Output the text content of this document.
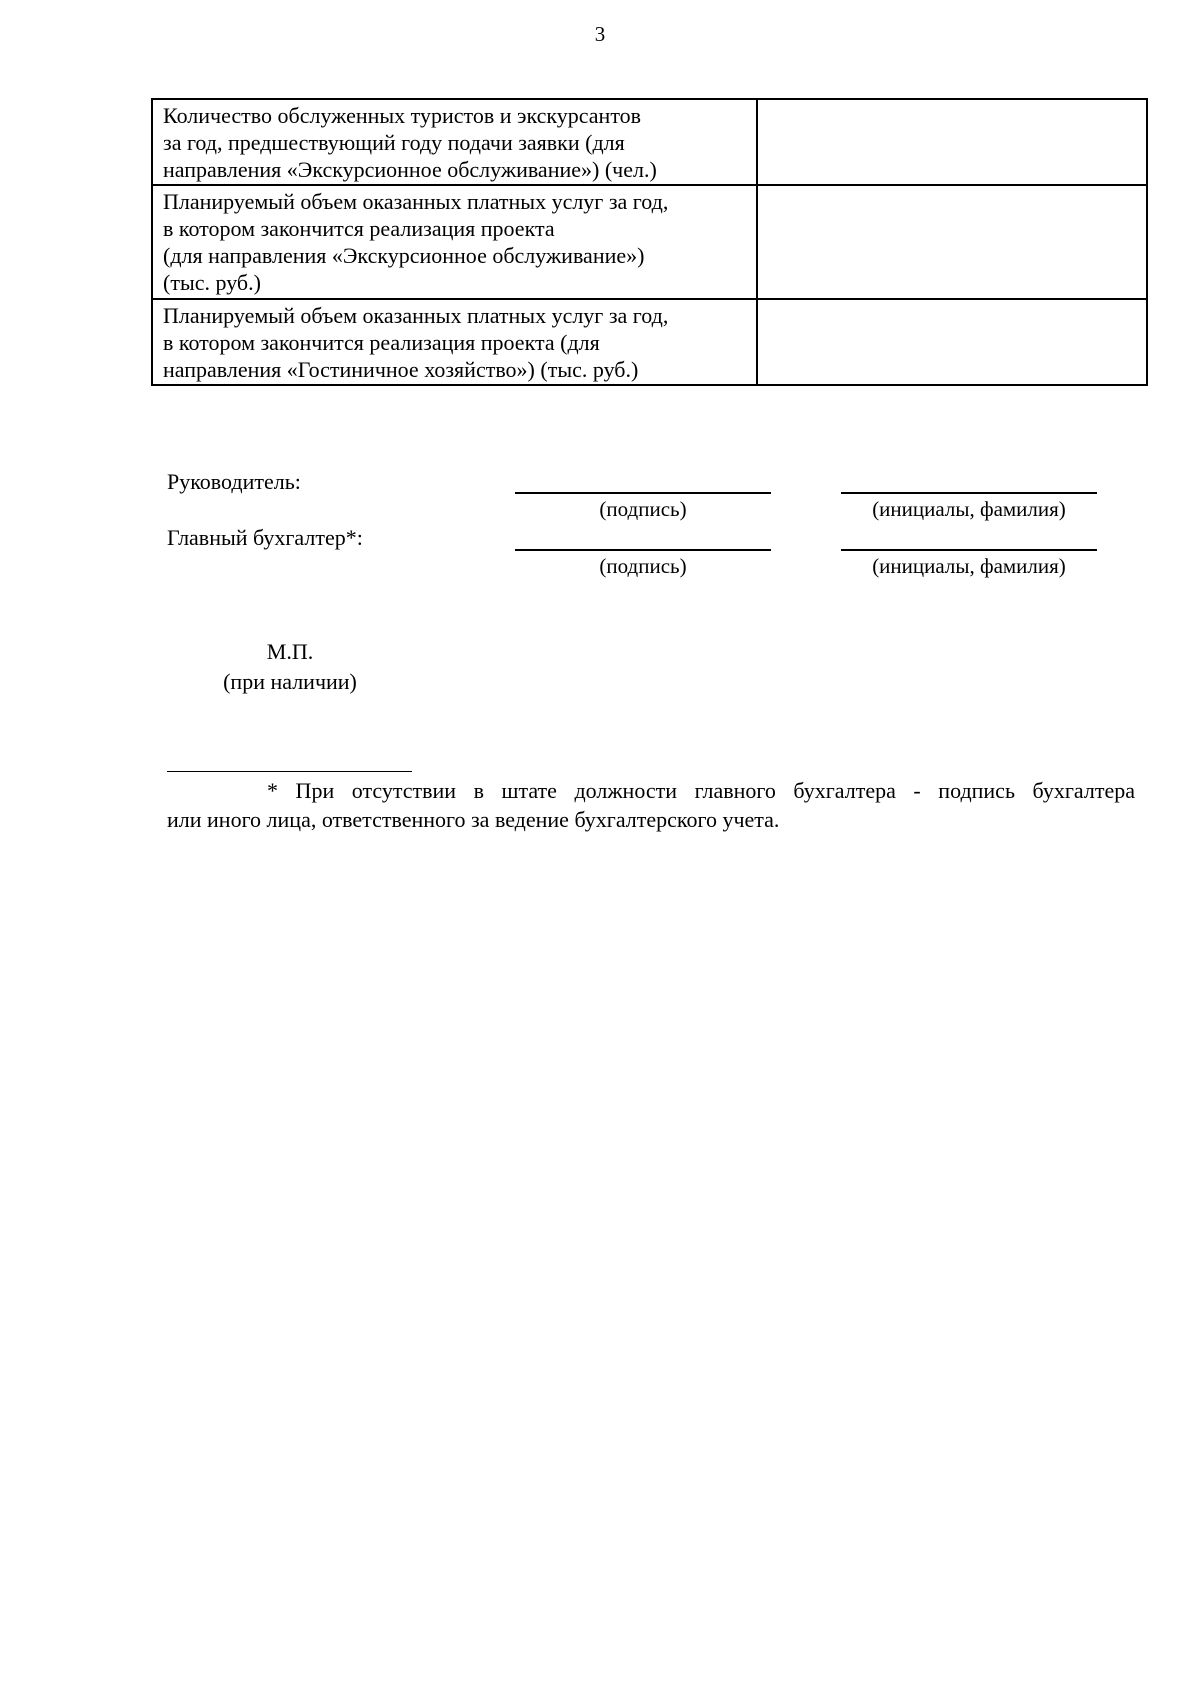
3
Количество обслуженных туристов и экскурсантов
за год, предшествующий году подачи заявки (для
направления «Экскурсионное обслуживание») (чел.)	

Планируемый объем оказанных платных услуг за год,
в котором закончится реализация проекта
(для направления «Экскурсионное обслуживание»)
(тыс. руб.)	

Планируемый объем оказанных платных услуг за год,
в котором закончится реализация проекта (для
направления «Гостиничное хозяйство») (тыс. руб.)	

Руководитель:
(подпись)	(инициалы, фамилия)
Главный бухгалтер*:
(подпись)	(инициалы, фамилия)
М.П.
(при наличии)
* При отсутствии в штате должности главного бухгалтера - подпись бухгалтера
или иного лица, ответственного за ведение бухгалтерского учета.
